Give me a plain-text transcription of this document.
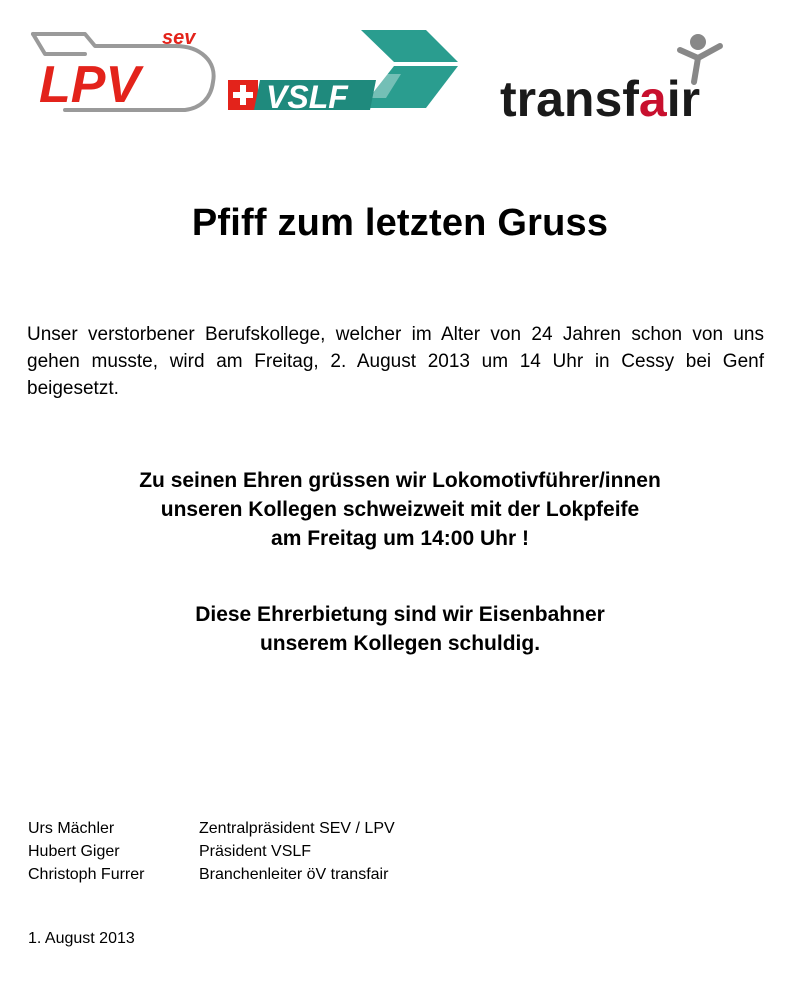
sev
LPV	VSLF	transfair
Pfiff zum letzten Gruss
Unser verstorbener Berufskollege, welcher im Alter von 24 Jahren schon von uns gehen musste, wird am Freitag, 2. August 2013 um 14 Uhr in Cessy bei Genf beigesetzt.
Zu seinen Ehren grüssen wir Lokomotivführer/innen
unseren Kollegen schweizweit mit der Lokpfeife
am Freitag um 14:00 Uhr !
Diese Ehrerbietung sind wir Eisenbahner
unserem Kollegen schuldig.
Urs Mächler	Zentralpräsident SEV / LPV
Hubert Giger	Präsident VSLF
Christoph Furrer	Branchenleiter öV transfair
1. August 2013
